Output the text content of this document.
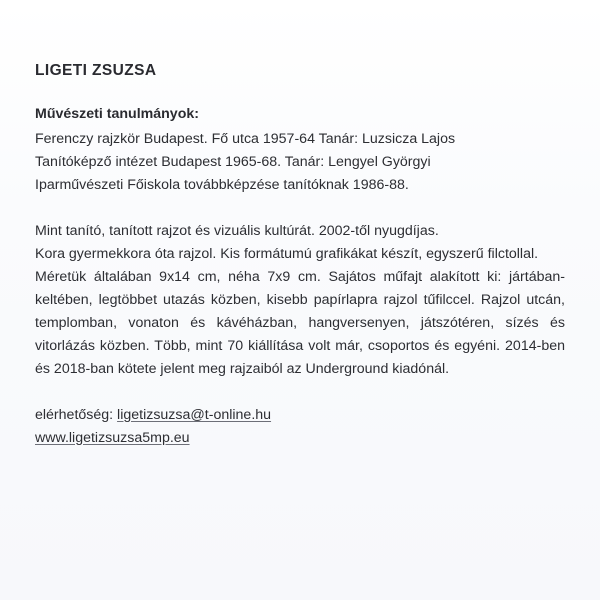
LIGETI ZSUZSA
Művészeti tanulmányok:
Ferenczy rajzkör Budapest. Fő utca 1957-64 Tanár: Luzsicza Lajos
Tanítóképző intézet Budapest 1965-68. Tanár: Lengyel Györgyi
Iparművészeti Főiskola továbbképzése tanítóknak 1986-88.
Mint tanító, tanított rajzot és vizuális kultúrát. 2002-től nyugdíjas.
Kora gyermekkora óta rajzol. Kis formátumú grafikákat készít, egyszerű filctollal.

Méretük általában 9x14 cm, néha 7x9 cm. Sajátos műfajt alakított ki: jártában-keltében, legtöbbet utazás közben, kisebb papírlapra rajzol tűfilccel. Rajzol utcán, templomban, vonaton és kávéházban, hangversenyen, játszótéren, sízés és vitorlázás közben. Több, mint 70 kiállítása volt már, csoportos és egyéni. 2014-ben és 2018-ban kötete jelent meg rajzaiból az Underground kiadónál.

elérhetőség: ligetizsuzsa@t-online.hu
www.ligetizsuzsa5mp.eu
